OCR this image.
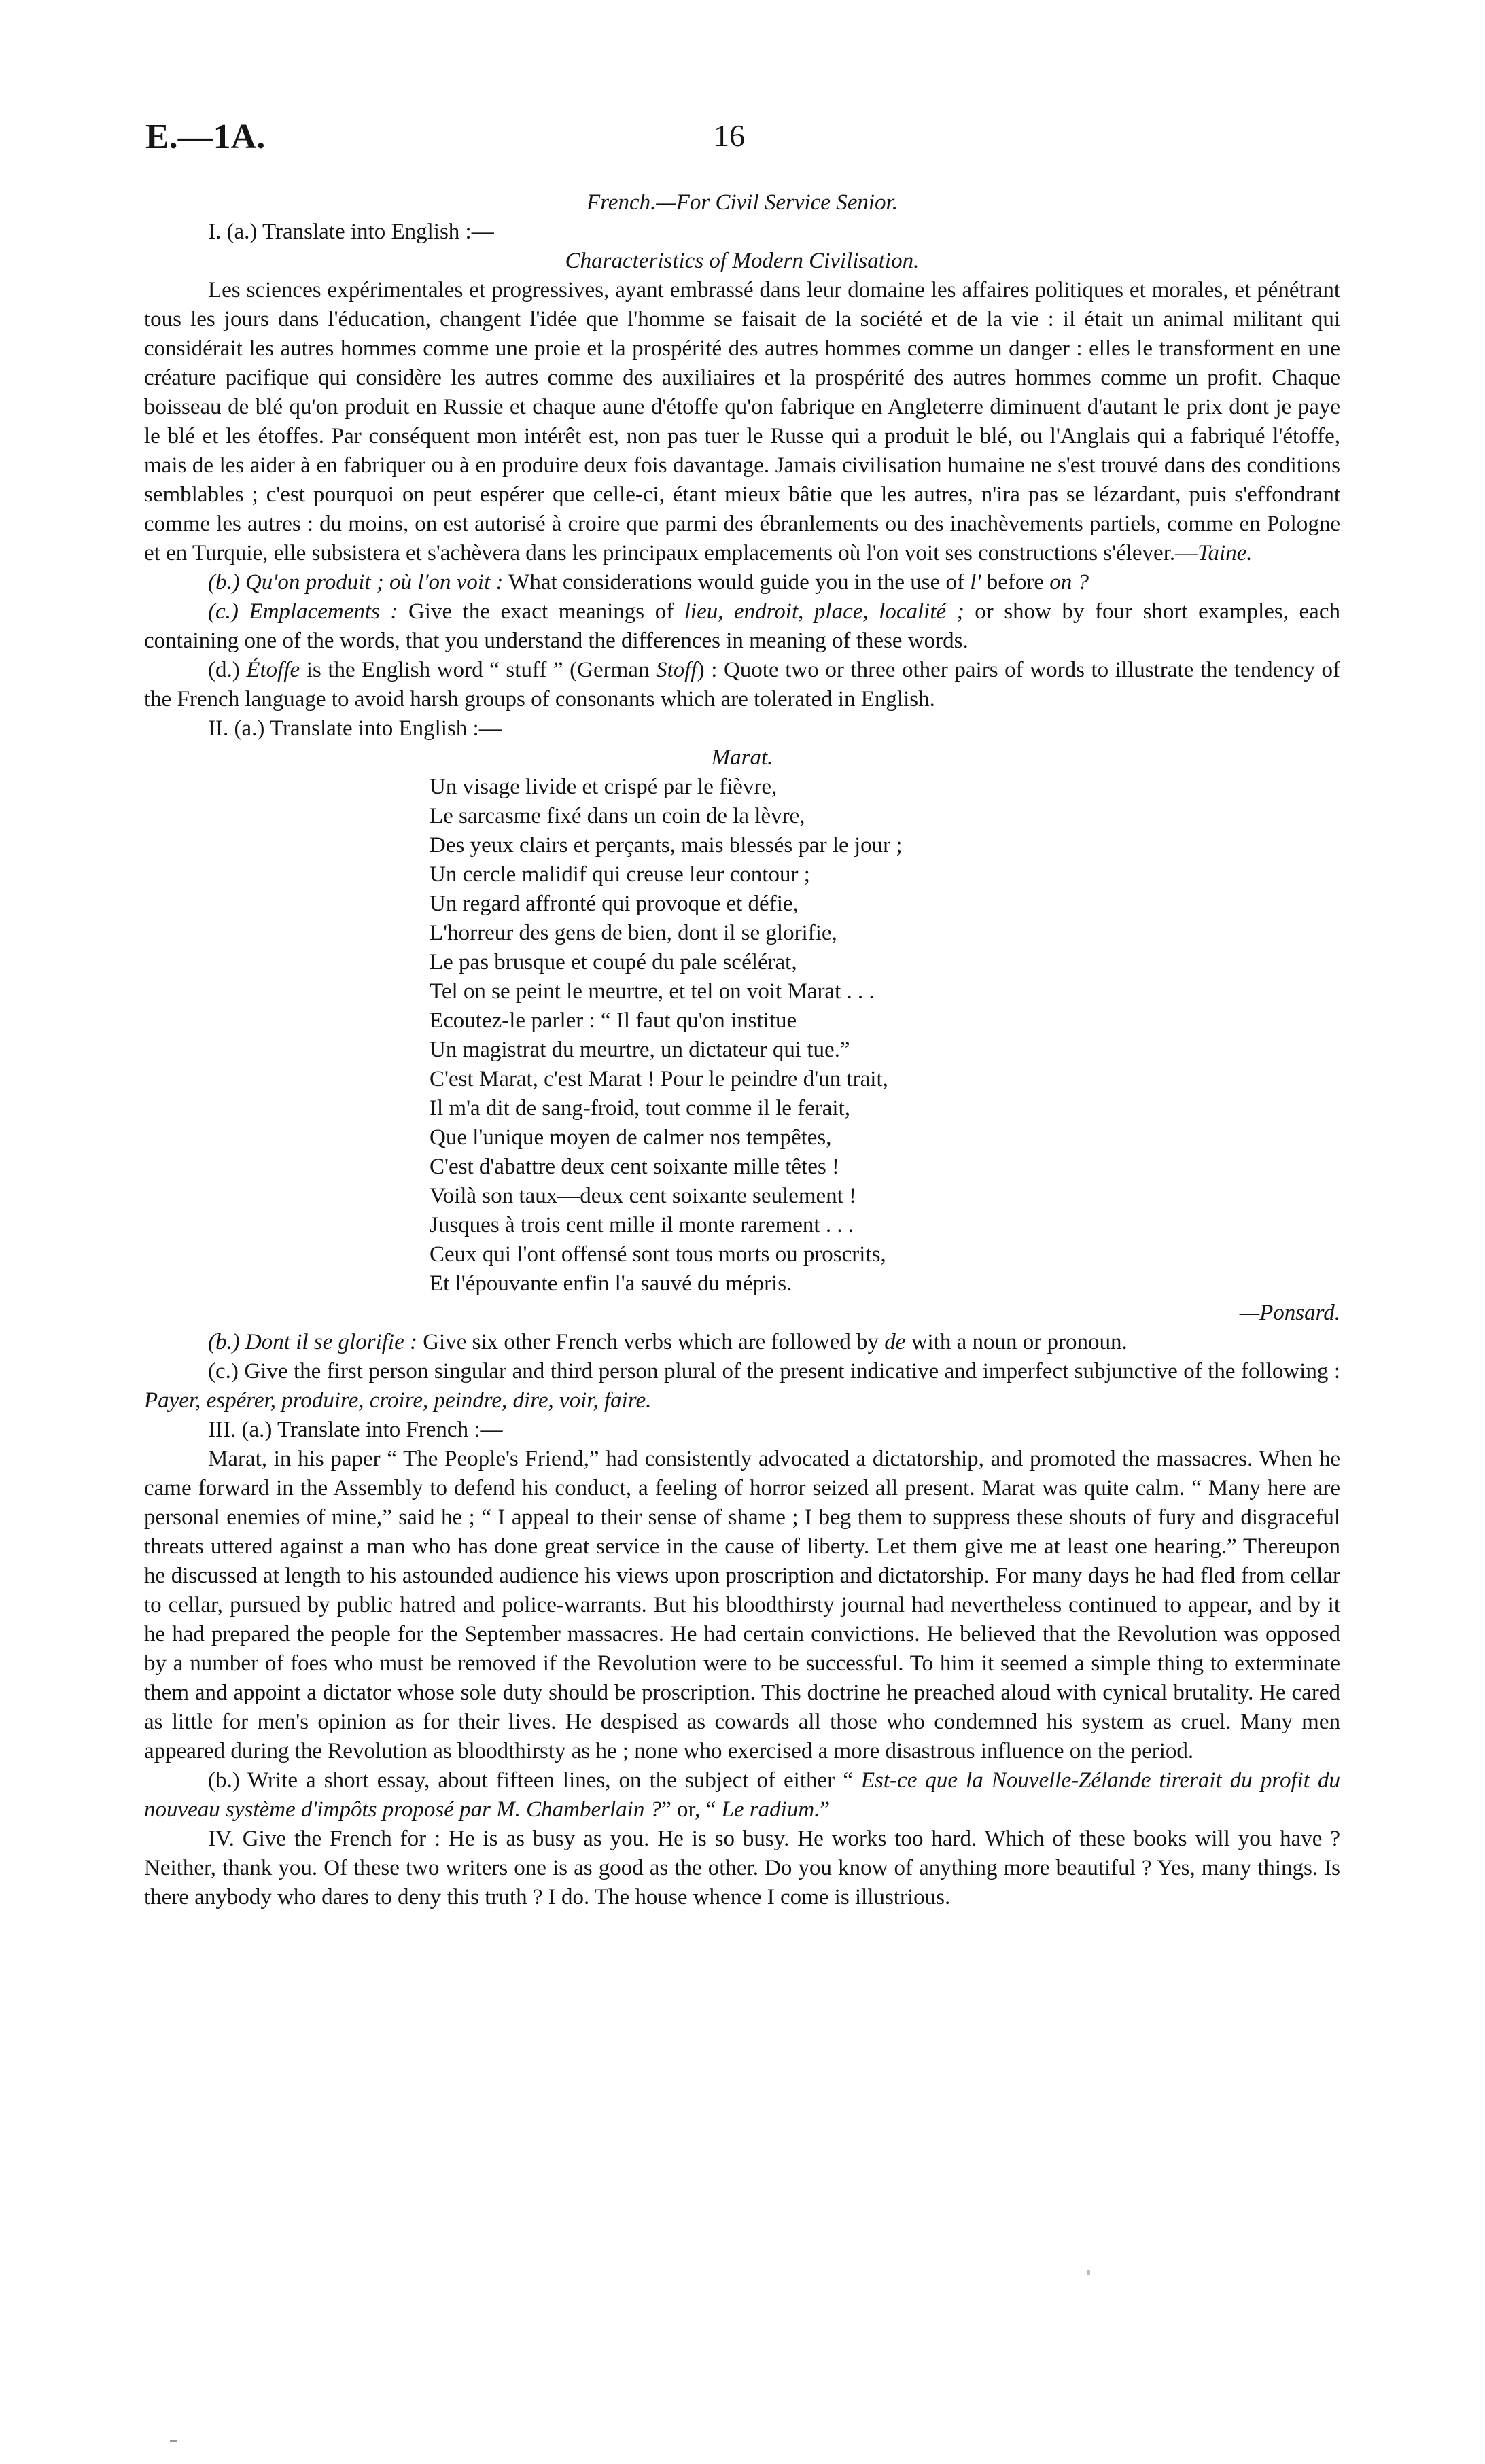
E.—1A.	16
French.—For Civil Service Senior.
I. (a.) Translate into English :—
Characteristics of Modern Civilisation.

Les sciences expérimentales et progressives, ayant embrassé dans leur domaine les affaires politiques et morales, et pénétrant tous les jours dans l'éducation, changent l'idée que l'homme se faisait de la société et de la vie : il était un animal militant qui considérait les autres hommes comme une proie et la prospérité des autres hommes comme un danger : elles le transforment en une créature pacifique qui considère les autres comme des auxiliaires et la prospérité des autres hommes comme un profit. Chaque boisseau de blé qu'on produit en Russie et chaque aune d'étoffe qu'on fabrique en Angleterre diminuent d'autant le prix dont je paye le blé et les étoffes. Par conséquent mon intérêt est, non pas tuer le Russe qui a produit le blé, ou l'Anglais qui a fabriqué l'étoffe, mais de les aider à en fabriquer ou à en produire deux fois davantage. Jamais civilisation humaine ne s'est trouvé dans des conditions semblables ; c'est pourquoi on peut espérer que celle-ci, étant mieux bâtie que les autres, n'ira pas se lézardant, puis s'effondrant comme les autres : du moins, on est autorisé à croire que parmi des ébranlements ou des inachèvements partiels, comme en Pologne et en Turquie, elle subsistera et s'achèvera dans les principaux emplacements où l'on voit ses constructions s'élever.—Taine.

(b.) Qu'on produit ; où l'on voit : What considerations would guide you in the use of l' before on ?

(c.) Emplacements : Give the exact meanings of lieu, endroit, place, localité ; or show by four short examples, each containing one of the words, that you understand the differences in meaning of these words.

(d.) Étoffe is the English word “ stuff ” (German Stoff) : Quote two or three other pairs of words to illustrate the tendency of the French language to avoid harsh groups of consonants which are tolerated in English.

II. (a.) Translate into English :—
Marat.
Un visage livide et crispé par le fièvre,
Le sarcasme fixé dans un coin de la lèvre,
Des yeux clairs et perçants, mais blessés par le jour ;
Un cercle malidif qui creuse leur contour ;
Un regard affronté qui provoque et défie,
L'horreur des gens de bien, dont il se glorifie,
Le pas brusque et coupé du pale scélérat,
Tel on se peint le meurtre, et tel on voit Marat . . .
Ecoutez-le parler : “ Il faut qu'on institue
Un magistrat du meurtre, un dictateur qui tue.”
C'est Marat, c'est Marat ! Pour le peindre d'un trait,
Il m'a dit de sang-froid, tout comme il le ferait,
Que l'unique moyen de calmer nos tempêtes,
C'est d'abattre deux cent soixante mille têtes !
Voilà son taux—deux cent soixante seulement !
Jusques à trois cent mille il monte rarement . . .
Ceux qui l'ont offensé sont tous morts ou proscrits,
Et l'épouvante enfin l'a sauvé du mépris.
—Ponsard.

(b.) Dont il se glorifie : Give six other French verbs which are followed by de with a noun or pronoun.

(c.) Give the first person singular and third person plural of the present indicative and imperfect subjunctive of the following : Payer, espérer, produire, croire, peindre, dire, voir, faire.

III. (a.) Translate into French :—

Marat, in his paper “ The People's Friend,” had consistently advocated a dictatorship, and promoted the massacres. When he came forward in the Assembly to defend his conduct, a feeling of horror seized all present. Marat was quite calm. “ Many here are personal enemies of mine,” said he ; “ I appeal to their sense of shame ; I beg them to suppress these shouts of fury and disgraceful threats uttered against a man who has done great service in the cause of liberty. Let them give me at least one hearing.” Thereupon he discussed at length to his astounded audience his views upon proscription and dictatorship. For many days he had fled from cellar to cellar, pursued by public hatred and police-warrants. But his bloodthirsty journal had nevertheless continued to appear, and by it he had prepared the people for the September massacres. He had certain convictions. He believed that the Revolution was opposed by a number of foes who must be removed if the Revolution were to be successful. To him it seemed a simple thing to exterminate them and appoint a dictator whose sole duty should be proscription. This doctrine he preached aloud with cynical brutality. He cared as little for men's opinion as for their lives. He despised as cowards all those who condemned his system as cruel. Many men appeared during the Revolution as bloodthirsty as he ; none who exercised a more disastrous influence on the period.

(b.) Write a short essay, about fifteen lines, on the subject of either “ Est-ce que la Nouvelle-Zélande tirerait du profit du nouveau système d'impôts proposé par M. Chamberlain ?” or, “ Le radium.”

IV. Give the French for : He is as busy as you. He is so busy. He works too hard. Which of these books will you have ? Neither, thank you. Of these two writers one is as good as the other. Do you know of anything more beautiful ? Yes, many things. Is there anybody who dares to deny this truth ? I do. The house whence I come is illustrious.
